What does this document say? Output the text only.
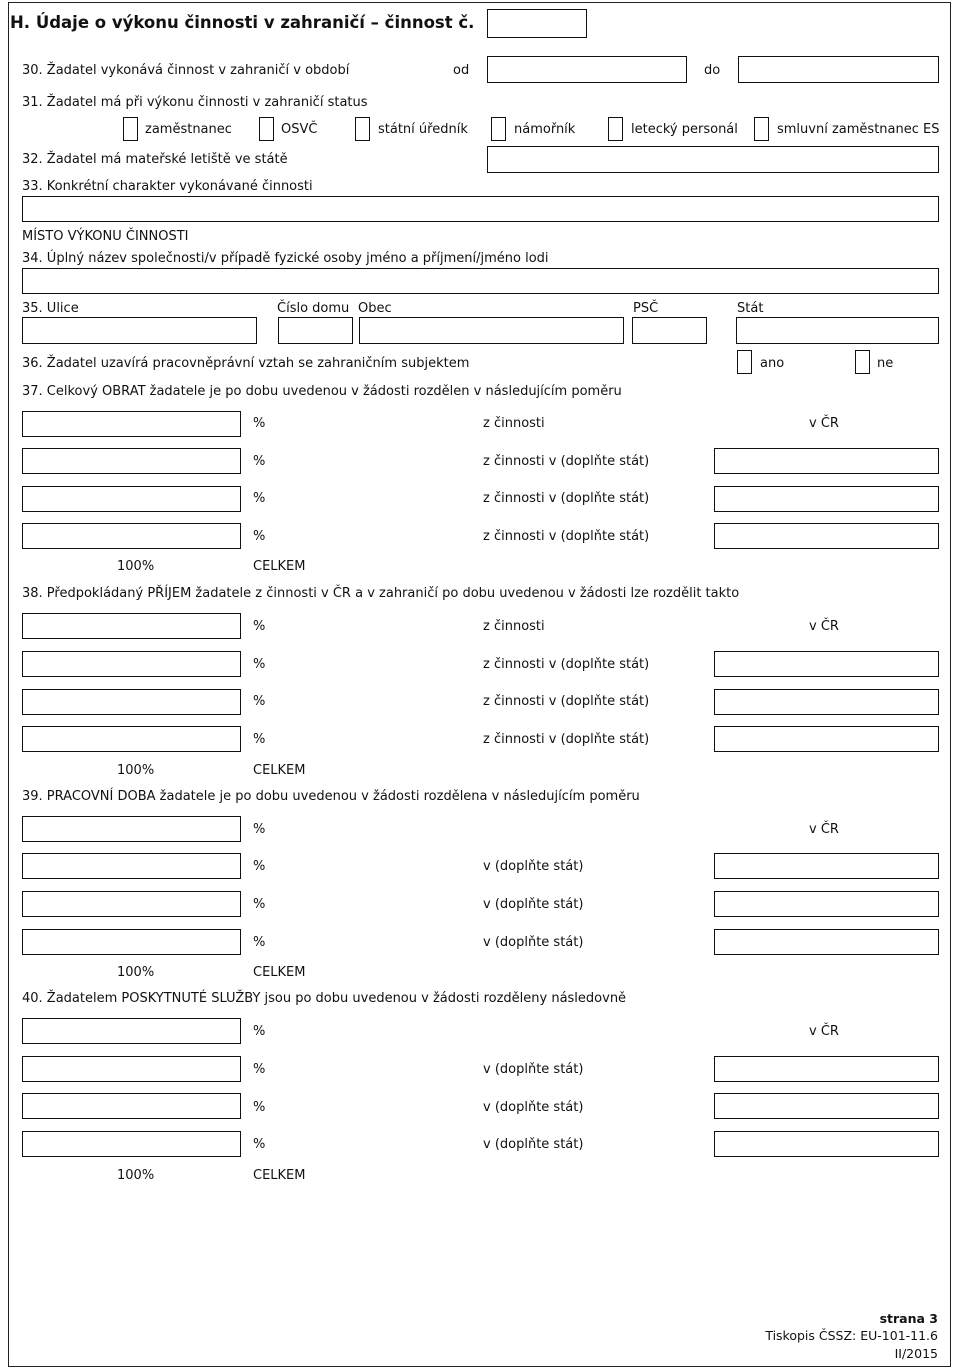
H. Údaje o výkonu činnosti v zahraničí – činnost č.
30. Žadatel vykonává činnost v zahraničí v období	od	do
31. Žadatel má při výkonu činnosti v zahraničí status
zaměstnanec	OSVČ	státní úředník	námořník	letecký personál	smluvní zaměstnanec ES
32. Žadatel má mateřské letiště ve státě
33. Konkrétní charakter vykonávané činnosti
MÍSTO VÝKONU ČINNOSTI
34. Úplný název společnosti/v případě fyzické osoby jméno a příjmení/jméno lodi
35. Ulice	Číslo domu Obec	PSČ	Stát
36. Žadatel uzavírá pracovněprávní vztah se zahraničním subjektem	ano	ne
37. Celkový OBRAT žadatele je po dobu uvedenou v žádosti rozdělen v následujícím poměru
%	z činnosti	v ČR
%	z činnosti v (doplňte stát)
%	z činnosti v (doplňte stát)
%	z činnosti v (doplňte stát)
100%	CELKEM
38. Předpokládaný PŘÍJEM žadatele z činnosti v ČR a v zahraničí po dobu uvedenou v žádosti lze rozdělit takto
%	z činnosti	v ČR
%	z činnosti v (doplňte stát)
%	z činnosti v (doplňte stát)
%	z činnosti v (doplňte stát)
100%	CELKEM
39. PRACOVNÍ DOBA žadatele je po dobu uvedenou v žádosti rozdělena v následujícím poměru
%	v ČR
%	v (doplňte stát)
%	v (doplňte stát)
%	v (doplňte stát)
100%	CELKEM
40. Žadatelem POSKYTNUTÉ SLUŽBY jsou po dobu uvedenou v žádosti rozděleny následovně
%	v ČR
%	v (doplňte stát)
%	v (doplňte stát)
%	v (doplňte stát)
100%	CELKEM
strana 3
Tiskopis ČSSZ: EU-101-11.6
II/2015
